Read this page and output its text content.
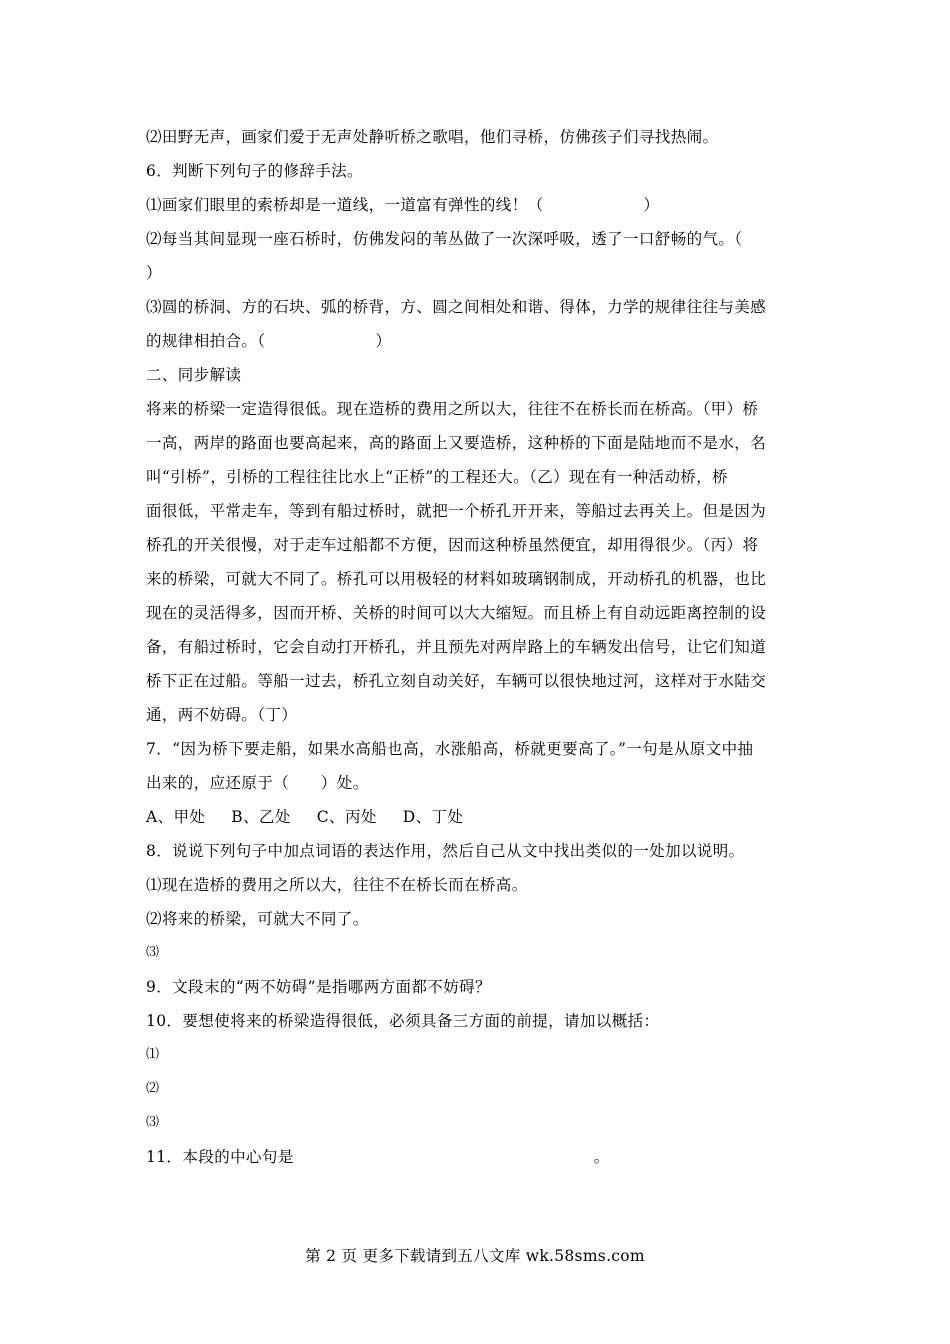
⑵田野无声，画家们爱于无声处静听桥之歌唱，他们寻桥，仿佛孩子们寻找热闹。
6．判断下列句子的修辞手法。
⑴画家们眼里的索桥却是一道线，一道富有弹性的线！（	）
⑵每当其间显现一座石桥时，仿佛发闷的苇丛做了一次深呼吸，透了一口舒畅的气。（
）
⑶圆的桥洞、方的石块、弧的桥背，方、圆之间相处和谐、得体，力学的规律往往与美感
的规律相拍合。（	）
二、同步解读
将来的桥梁一定造得很低。现在造桥的费用之所以大，往往不在桥长而在桥高。（甲）桥
一高，两岸的路面也要高起来，高的路面上又要造桥，这种桥的下面是陆地而不是水，名
叫“引桥”，引桥的工程往往比水上“正桥”的工程还大。（乙）现在有一种活动桥，桥
面很低，平常走车，等到有船过桥时，就把一个桥孔开开来，等船过去再关上。但是因为
桥孔的开关很慢，对于走车过船都不方便，因而这种桥虽然便宜，却用得很少。（丙）将
来的桥梁，可就大不同了。桥孔可以用极轻的材料如玻璃钢制成，开动桥孔的机器，也比
现在的灵活得多，因而开桥、关桥的时间可以大大缩短。而且桥上有自动远距离控制的设
备，有船过桥时，它会自动打开桥孔，并且预先对两岸路上的车辆发出信号，让它们知道
桥下正在过船。等船一过去，桥孔立刻自动关好，车辆可以很快地过河，这样对于水陆交
通，两不妨碍。（丁）
7．“因为桥下要走船，如果水高船也高，水涨船高，桥就更要高了。”一句是从原文中抽
出来的，应还原于（　　）处。
A、甲处 B、乙处 C、丙处 D、丁处
8．说说下列句子中加点词语的表达作用，然后自己从文中找出类似的一处加以说明。
⑴现在造桥的费用之所以大，往往不在桥长而在桥高。
⑵将来的桥梁，可就大不同了。
⑶
9．文段末的“两不妨碍”是指哪两方面都不妨碍？
10．要想使将来的桥梁造得很低，必须具备三方面的前提，请加以概括：
⑴
⑵
⑶
11．本段的中心句是	。
第 2 页 更多下载请到五八文库 wk.58sms.com
